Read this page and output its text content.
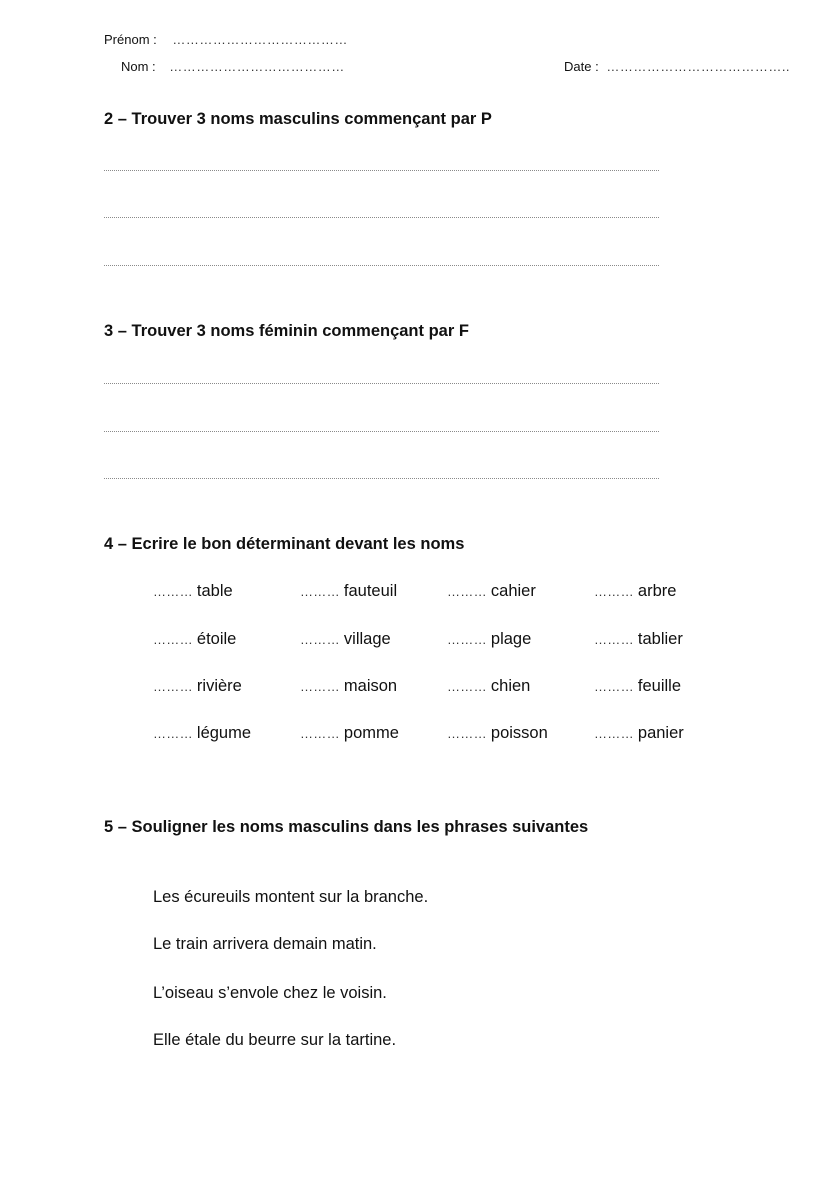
Prénom : …………………………………
Nom : …………………………………	Date : …………………………………..
2 – Trouver 3 noms masculins commençant par P
3 – Trouver 3 noms féminin commençant par F
4 – Ecrire le bon déterminant devant les noms
……… table	……… fauteuil	……… cahier	……… arbre
……… étoile	……… village	……… plage	……… tablier
……… rivière	……… maison	……… chien	……… feuille
……… légume	……… pomme	……… poisson	……… panier
5 – Souligner les noms masculins dans les phrases suivantes
Les écureuils montent sur la branche.
Le train arrivera demain matin.
L’oiseau s’envole chez le voisin.
Elle étale du beurre sur la tartine.
